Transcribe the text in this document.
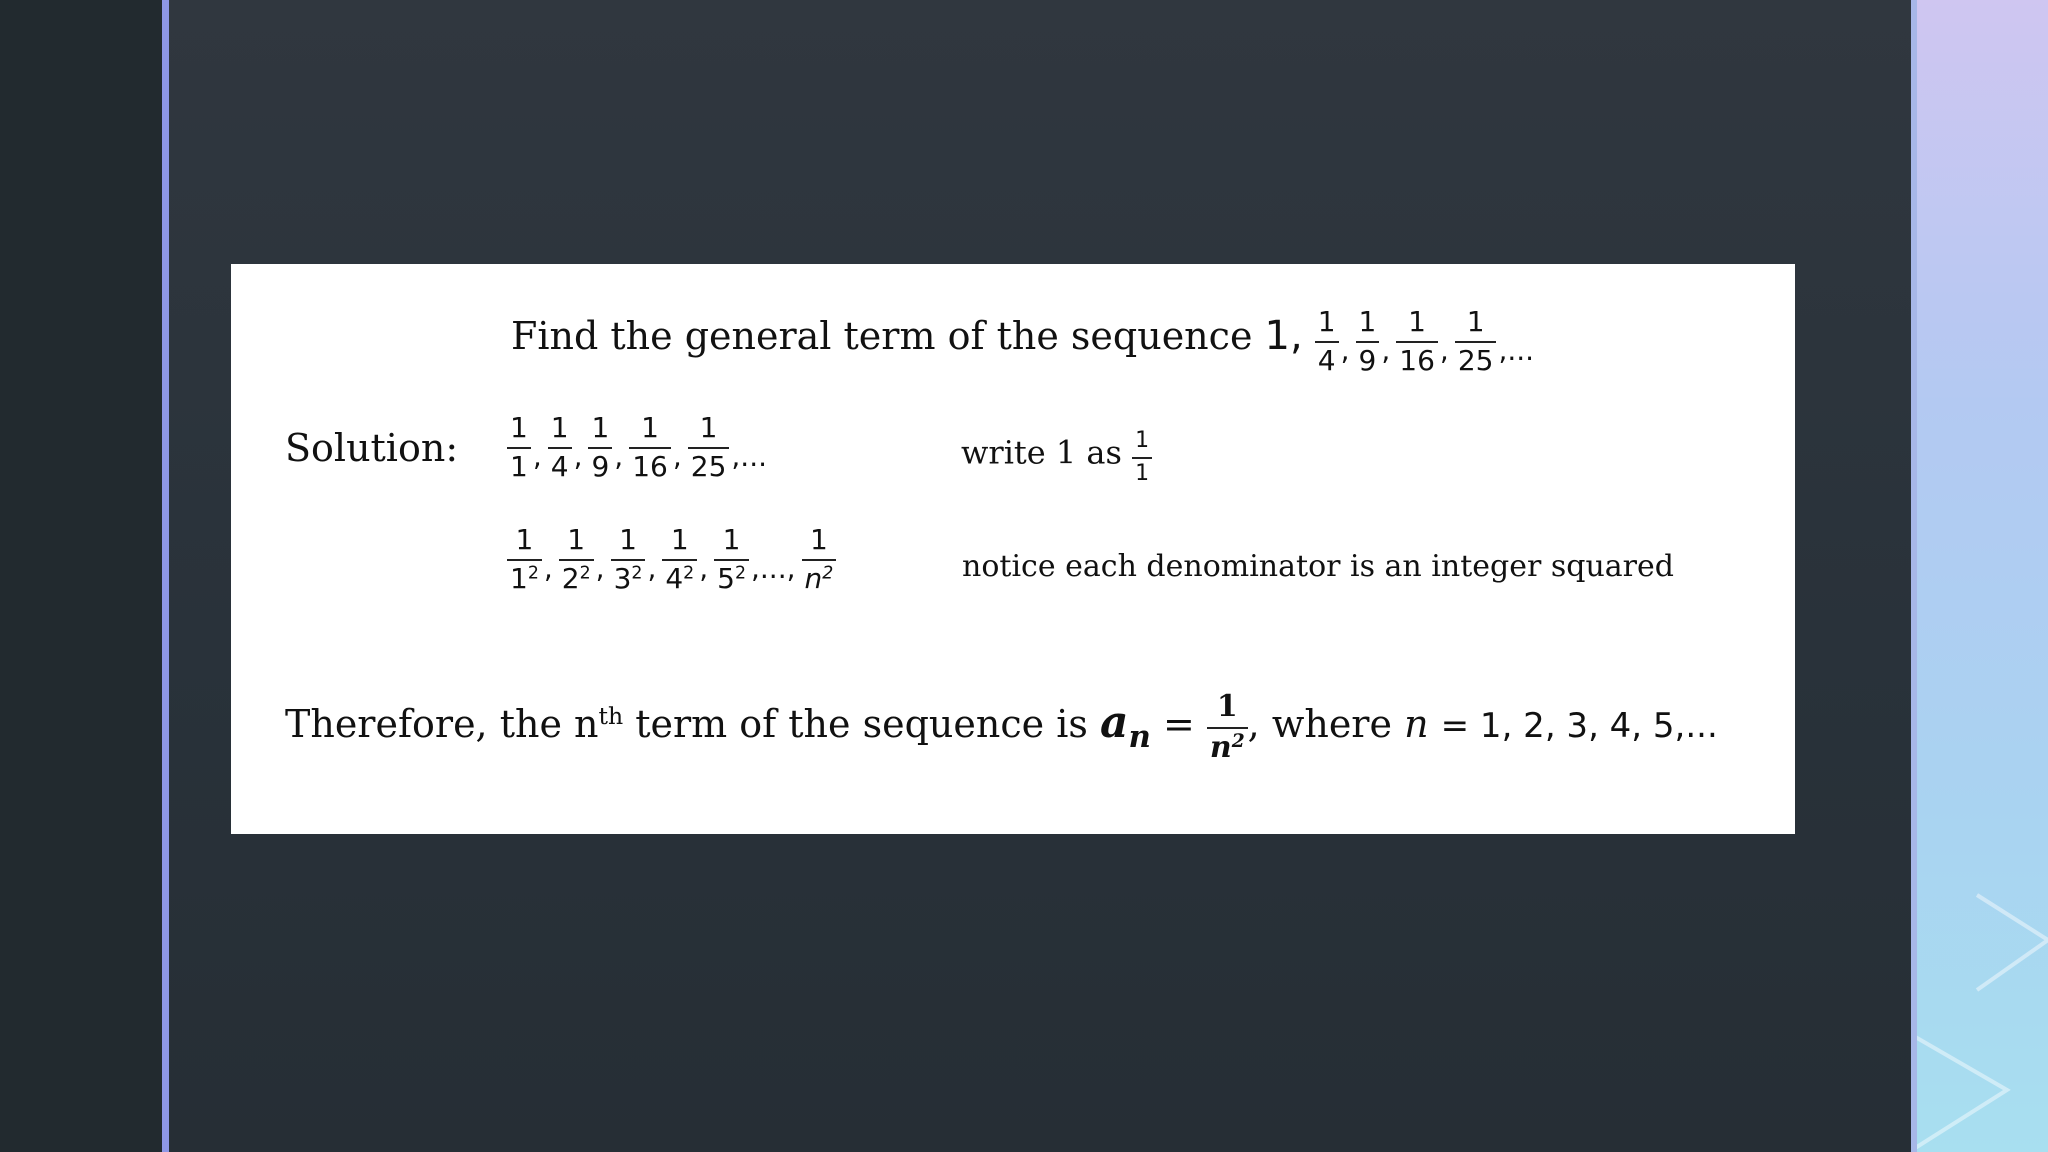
Find the general term of the sequence 1, $\frac{1}{4}$ , $\frac{1}{9}$ , $\frac{1}{16}$ , $\frac{1}{25}$ ,...
Solution: $\frac{1}{1}$ , $\frac{1}{4}$ , $\frac{1}{9}$ , $\frac{1}{16}$ , $\frac{1}{25}$ ,...	write 1 as $\frac{1}{1}$
$\frac{1}{1^2}$ , $\frac{1}{2^2}$ , $\frac{1}{3^2}$ , $\frac{1}{4^2}$ , $\frac{1}{5^2}$ ,..., $\frac{1}{n^2}$	notice each denominator is an integer squared
Therefore, the $n^{th}$ term of the sequence is $a_n = \frac{1}{n^2}$ , where n = 1, 2, 3, 4, 5,...
